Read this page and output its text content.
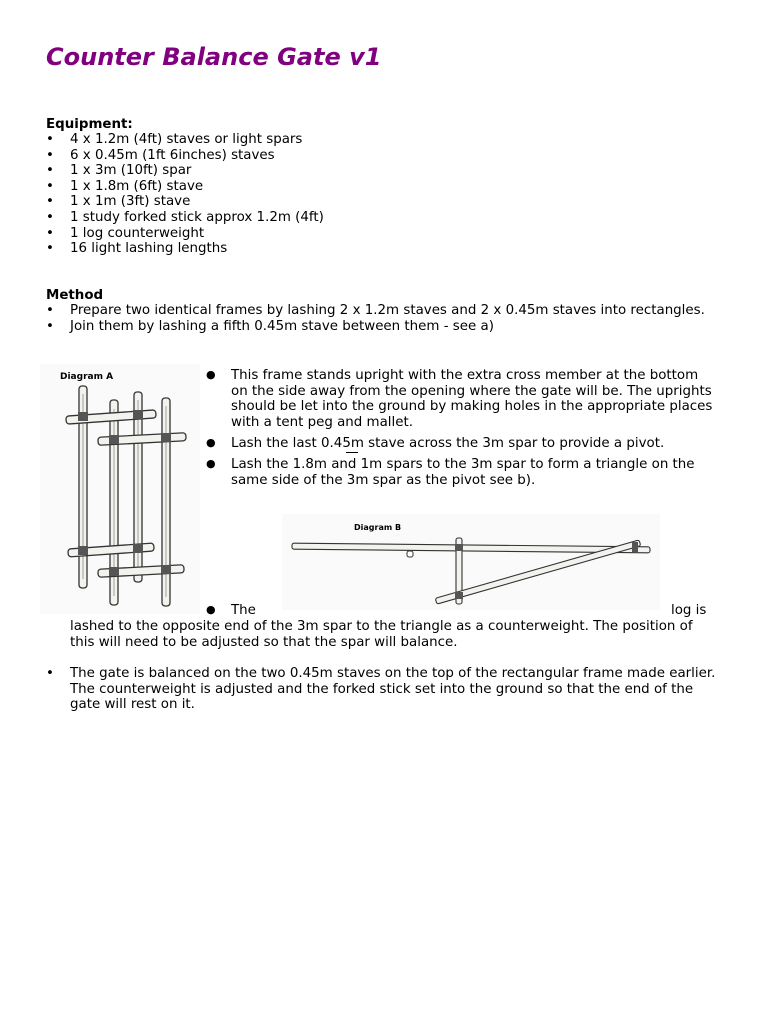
Counter Balance Gate v1
Equipment:
• 4 x 1.2m (4ft) staves or light spars
• 6 x 0.45m (1ft 6inches) staves
• 1 x 3m (10ft) spar
• 1 x 1.8m (6ft) stave
• 1 x 1m (3ft) stave
• 1 study forked stick approx 1.2m (4ft)
• 1 log counterweight
• 16 light lashing lengths
Method
• Prepare two identical frames by lashing 2 x 1.2m staves and 2 x 0.45m staves into rectangles.
• Join them by lashing a fifth 0.45m stave between them - see a)
Diagram A	● This frame stands upright with the extra cross member at the bottom on the side away from the opening where the gate will be. The uprights should be let into the ground by making holes in the appropriate places with a tent peg and mallet.
● Lash the last 0.45m stave across the 3m spar to provide a pivot.
● Lash the 1.8m and 1m spars to the 3m spar to form a triangle on the same side of the 3m spar as the pivot see b).
Diagram B
● The	log is
lashed to the opposite end of the 3m spar to the triangle as a counterweight. The position of this will need to be adjusted so that the spar will balance.
• The gate is balanced on the two 0.45m staves on the top of the rectangular frame made earlier. The counterweight is adjusted and the forked stick set into the ground so that the end of the gate will rest on it.
